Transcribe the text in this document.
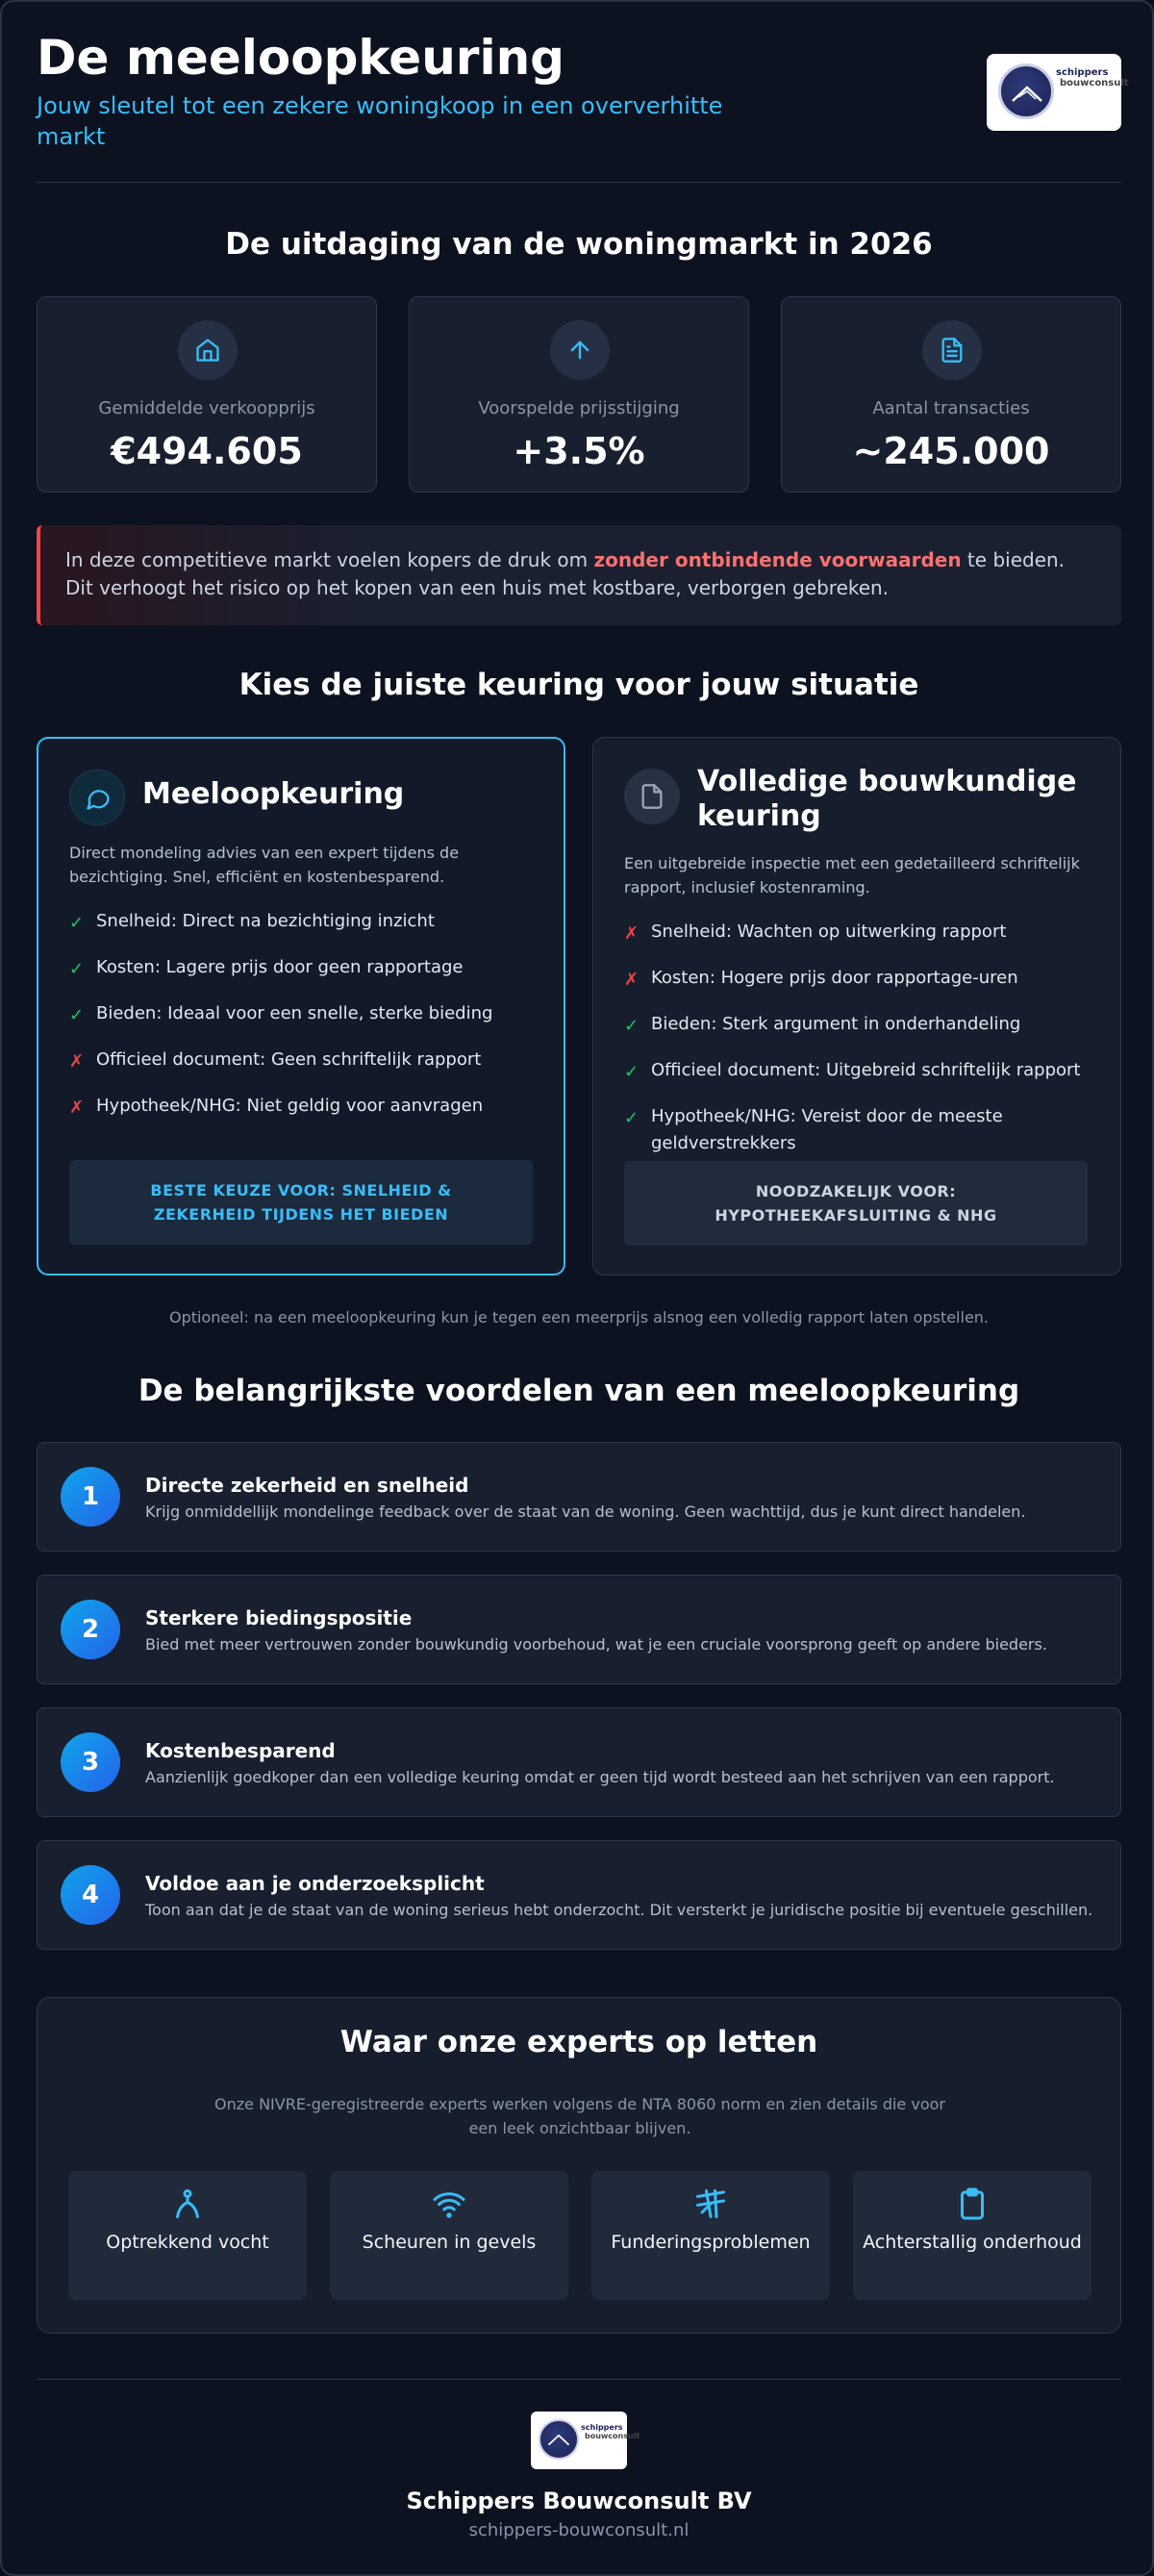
De meeloopkeuring
Jouw sleutel tot een zekere woningkoop in een oververhitte markt
schippers
bouwconsult
De uitdaging van de woningmarkt in 2026
Gemiddelde verkoopprijs
€494.605
Voorspelde prijsstijging
+3.5%
Aantal transacties
~245.000
In deze competitieve markt voelen kopers de druk om zonder ontbindende voorwaarden te bieden. Dit verhoogt het risico op het kopen van een huis met kostbare, verborgen gebreken.
Kies de juiste keuring voor jouw situatie
Meeloopkeuring
Direct mondeling advies van een expert tijdens de bezichtiging. Snel, efficiënt en kostenbesparend.
✓ Snelheid: Direct na bezichtiging inzicht
✓ Kosten: Lagere prijs door geen rapportage
✓ Bieden: Ideaal voor een snelle, sterke bieding
✗ Officieel document: Geen schriftelijk rapport
✗ Hypotheek/NHG: Niet geldig voor aanvragen
BESTE KEUZE VOOR: SNELHEID & ZEKERHEID TIJDENS HET BIEDEN
Volledige bouwkundige keuring
Een uitgebreide inspectie met een gedetailleerd schriftelijk rapport, inclusief kostenraming.
✗ Snelheid: Wachten op uitwerking rapport
✗ Kosten: Hogere prijs door rapportage-uren
✓ Bieden: Sterk argument in onderhandeling
✓ Officieel document: Uitgebreid schriftelijk rapport
✓ Hypotheek/NHG: Vereist door de meeste geldverstrekkers
NOODZAKELIJK VOOR: HYPOTHEEKAFSLUITING & NHG
Optioneel: na een meeloopkeuring kun je tegen een meerprijs alsnog een volledig rapport laten opstellen.
De belangrijkste voordelen van een meeloopkeuring
1	Directe zekerheid en snelheid
Krijg onmiddellijk mondelinge feedback over de staat van de woning. Geen wachttijd, dus je kunt direct handelen.
2	Sterkere biedingspositie
Bied met meer vertrouwen zonder bouwkundig voorbehoud, wat je een cruciale voorsprong geeft op andere bieders.
3	Kostenbesparend
Aanzienlijk goedkoper dan een volledige keuring omdat er geen tijd wordt besteed aan het schrijven van een rapport.
4	Voldoe aan je onderzoeksplicht
Toon aan dat je de staat van de woning serieus hebt onderzocht. Dit versterkt je juridische positie bij eventuele geschillen.
Waar onze experts op letten
Onze NIVRE-geregistreerde experts werken volgens de NTA 8060 norm en zien details die voor een leek onzichtbaar blijven.
Optrekkend vocht	Scheuren in gevels	Funderingsproblemen	Achterstallig onderhoud
schippers
bouwconsult
Schippers Bouwconsult BV
schippers-bouwconsult.nl
